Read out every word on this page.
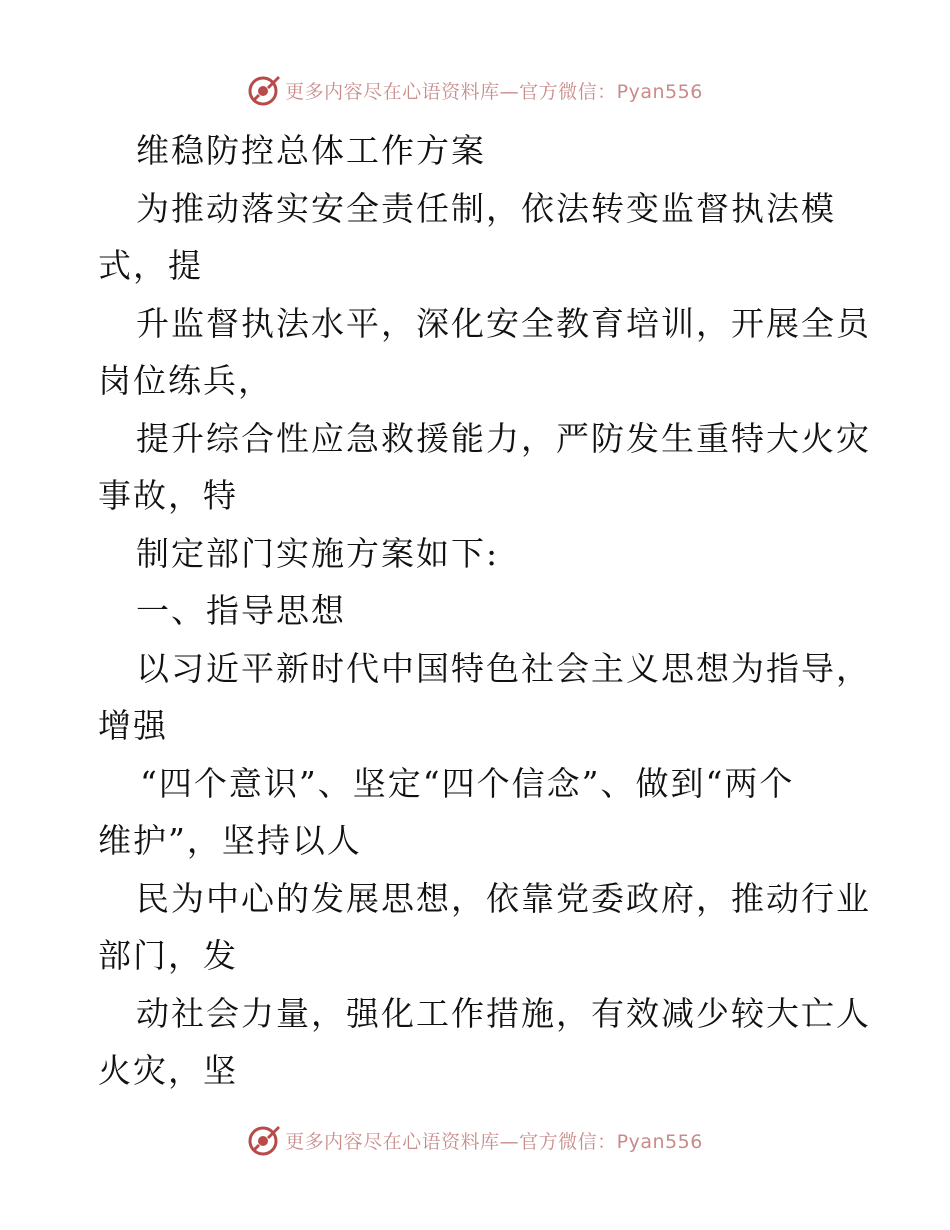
更多内容尽在心语资料库—官方微信：Pyan556
维稳防控总体工作方案
为推动落实安全责任制，依法转变监督执法模
式，提
升监督执法水平，深化安全教育培训，开展全员
岗位练兵，
提升综合性应急救援能力，严防发生重特大火灾
事故，特
制定部门实施方案如下:
一、指导思想
以习近平新时代中国特色社会主义思想为指导，
增强
“四个意识”、坚定“四个信念”、做到“两个
维护”，坚持以人
民为中心的发展思想，依靠党委政府，推动行业
部门，发
动社会力量，强化工作措施，有效减少较大亡人
火灾，坚
更多内容尽在心语资料库—官方微信：Pyan556
